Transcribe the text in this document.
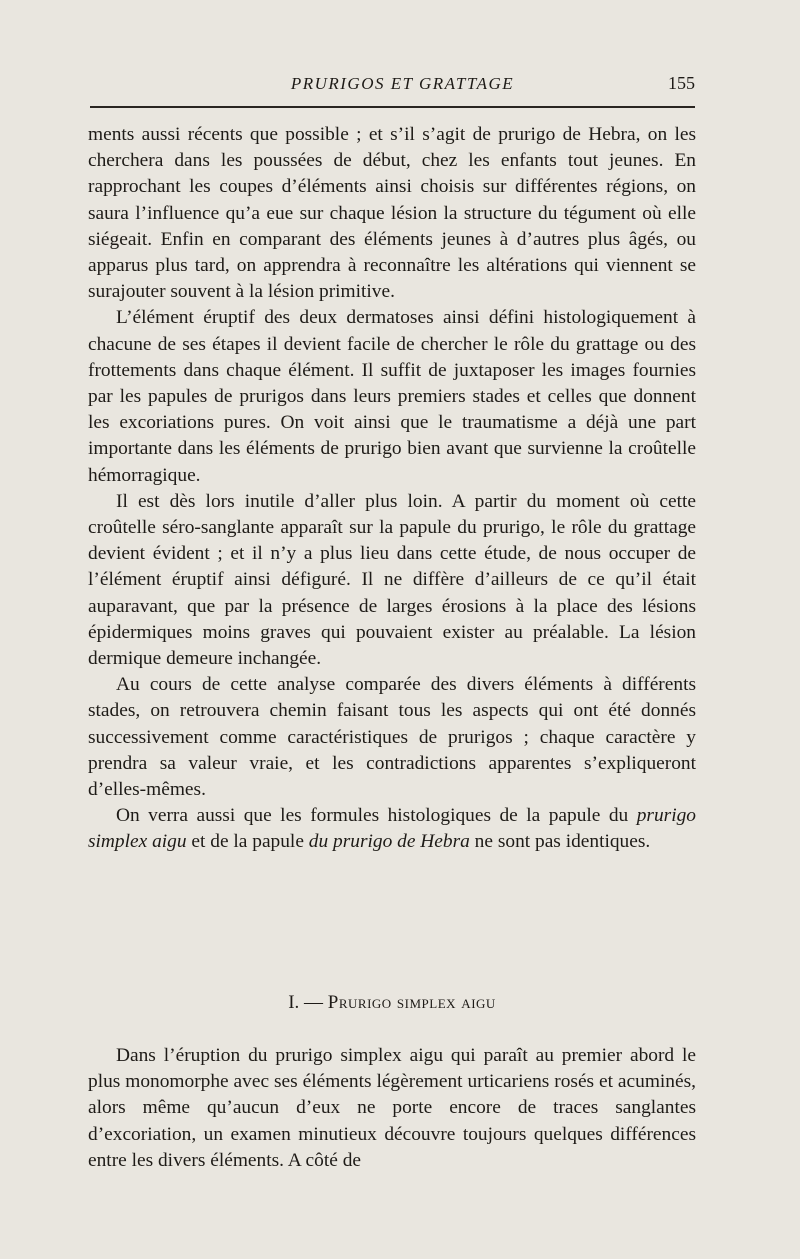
PRURIGOS ET GRATTAGE	155

ments aussi récents que possible ; et s’il s’agit de prurigo de Hebra, on les cherchera dans les poussées de début, chez les enfants tout jeunes. En rapprochant les coupes d’éléments ainsi choisis sur différentes régions, on saura l’influence qu’a eue sur chaque lésion la structure du tégument où elle siégeait. Enfin en comparant des éléments jeunes à d’autres plus âgés, ou apparus plus tard, on apprendra à reconnaître les altérations qui viennent se surajouter souvent à la lésion primitive.

L’élément éruptif des deux dermatoses ainsi défini histologiquement à chacune de ses étapes il devient facile de chercher le rôle du grattage ou des frottements dans chaque élément. Il suffit de juxtaposer les images fournies par les papules de prurigos dans leurs premiers stades et celles que donnent les excoriations pures. On voit ainsi que le traumatisme a déjà une part importante dans les éléments de prurigo bien avant que survienne la croûtelle hémorragique.

Il est dès lors inutile d’aller plus loin. A partir du moment où cette croûtelle séro-sanglante apparaît sur la papule du prurigo, le rôle du grattage devient évident ; et il n’y a plus lieu dans cette étude, de nous occuper de l’élément éruptif ainsi défiguré. Il ne diffère d’ailleurs de ce qu’il était auparavant, que par la présence de larges érosions à la place des lésions épidermiques moins graves qui pouvaient exister au préalable. La lésion dermique demeure inchangée.

Au cours de cette analyse comparée des divers éléments à différents stades, on retrouvera chemin faisant tous les aspects qui ont été donnés successivement comme caractéristiques de prurigos ; chaque caractère y prendra sa valeur vraie, et les contradictions apparentes s’expliqueront d’elles-mêmes.

On verra aussi que les formules histologiques de la papule du prurigo simplex aigu et de la papule du prurigo de Hebra ne sont pas identiques.

I. — Prurigo simplex aigu

Dans l’éruption du prurigo simplex aigu qui paraît au premier abord le plus monomorphe avec ses éléments légèrement urticariens rosés et acuminés, alors même qu’aucun d’eux ne porte encore de traces sanglantes d’excoriation, un examen minutieux découvre toujours quelques différences entre les divers éléments. A côté de
